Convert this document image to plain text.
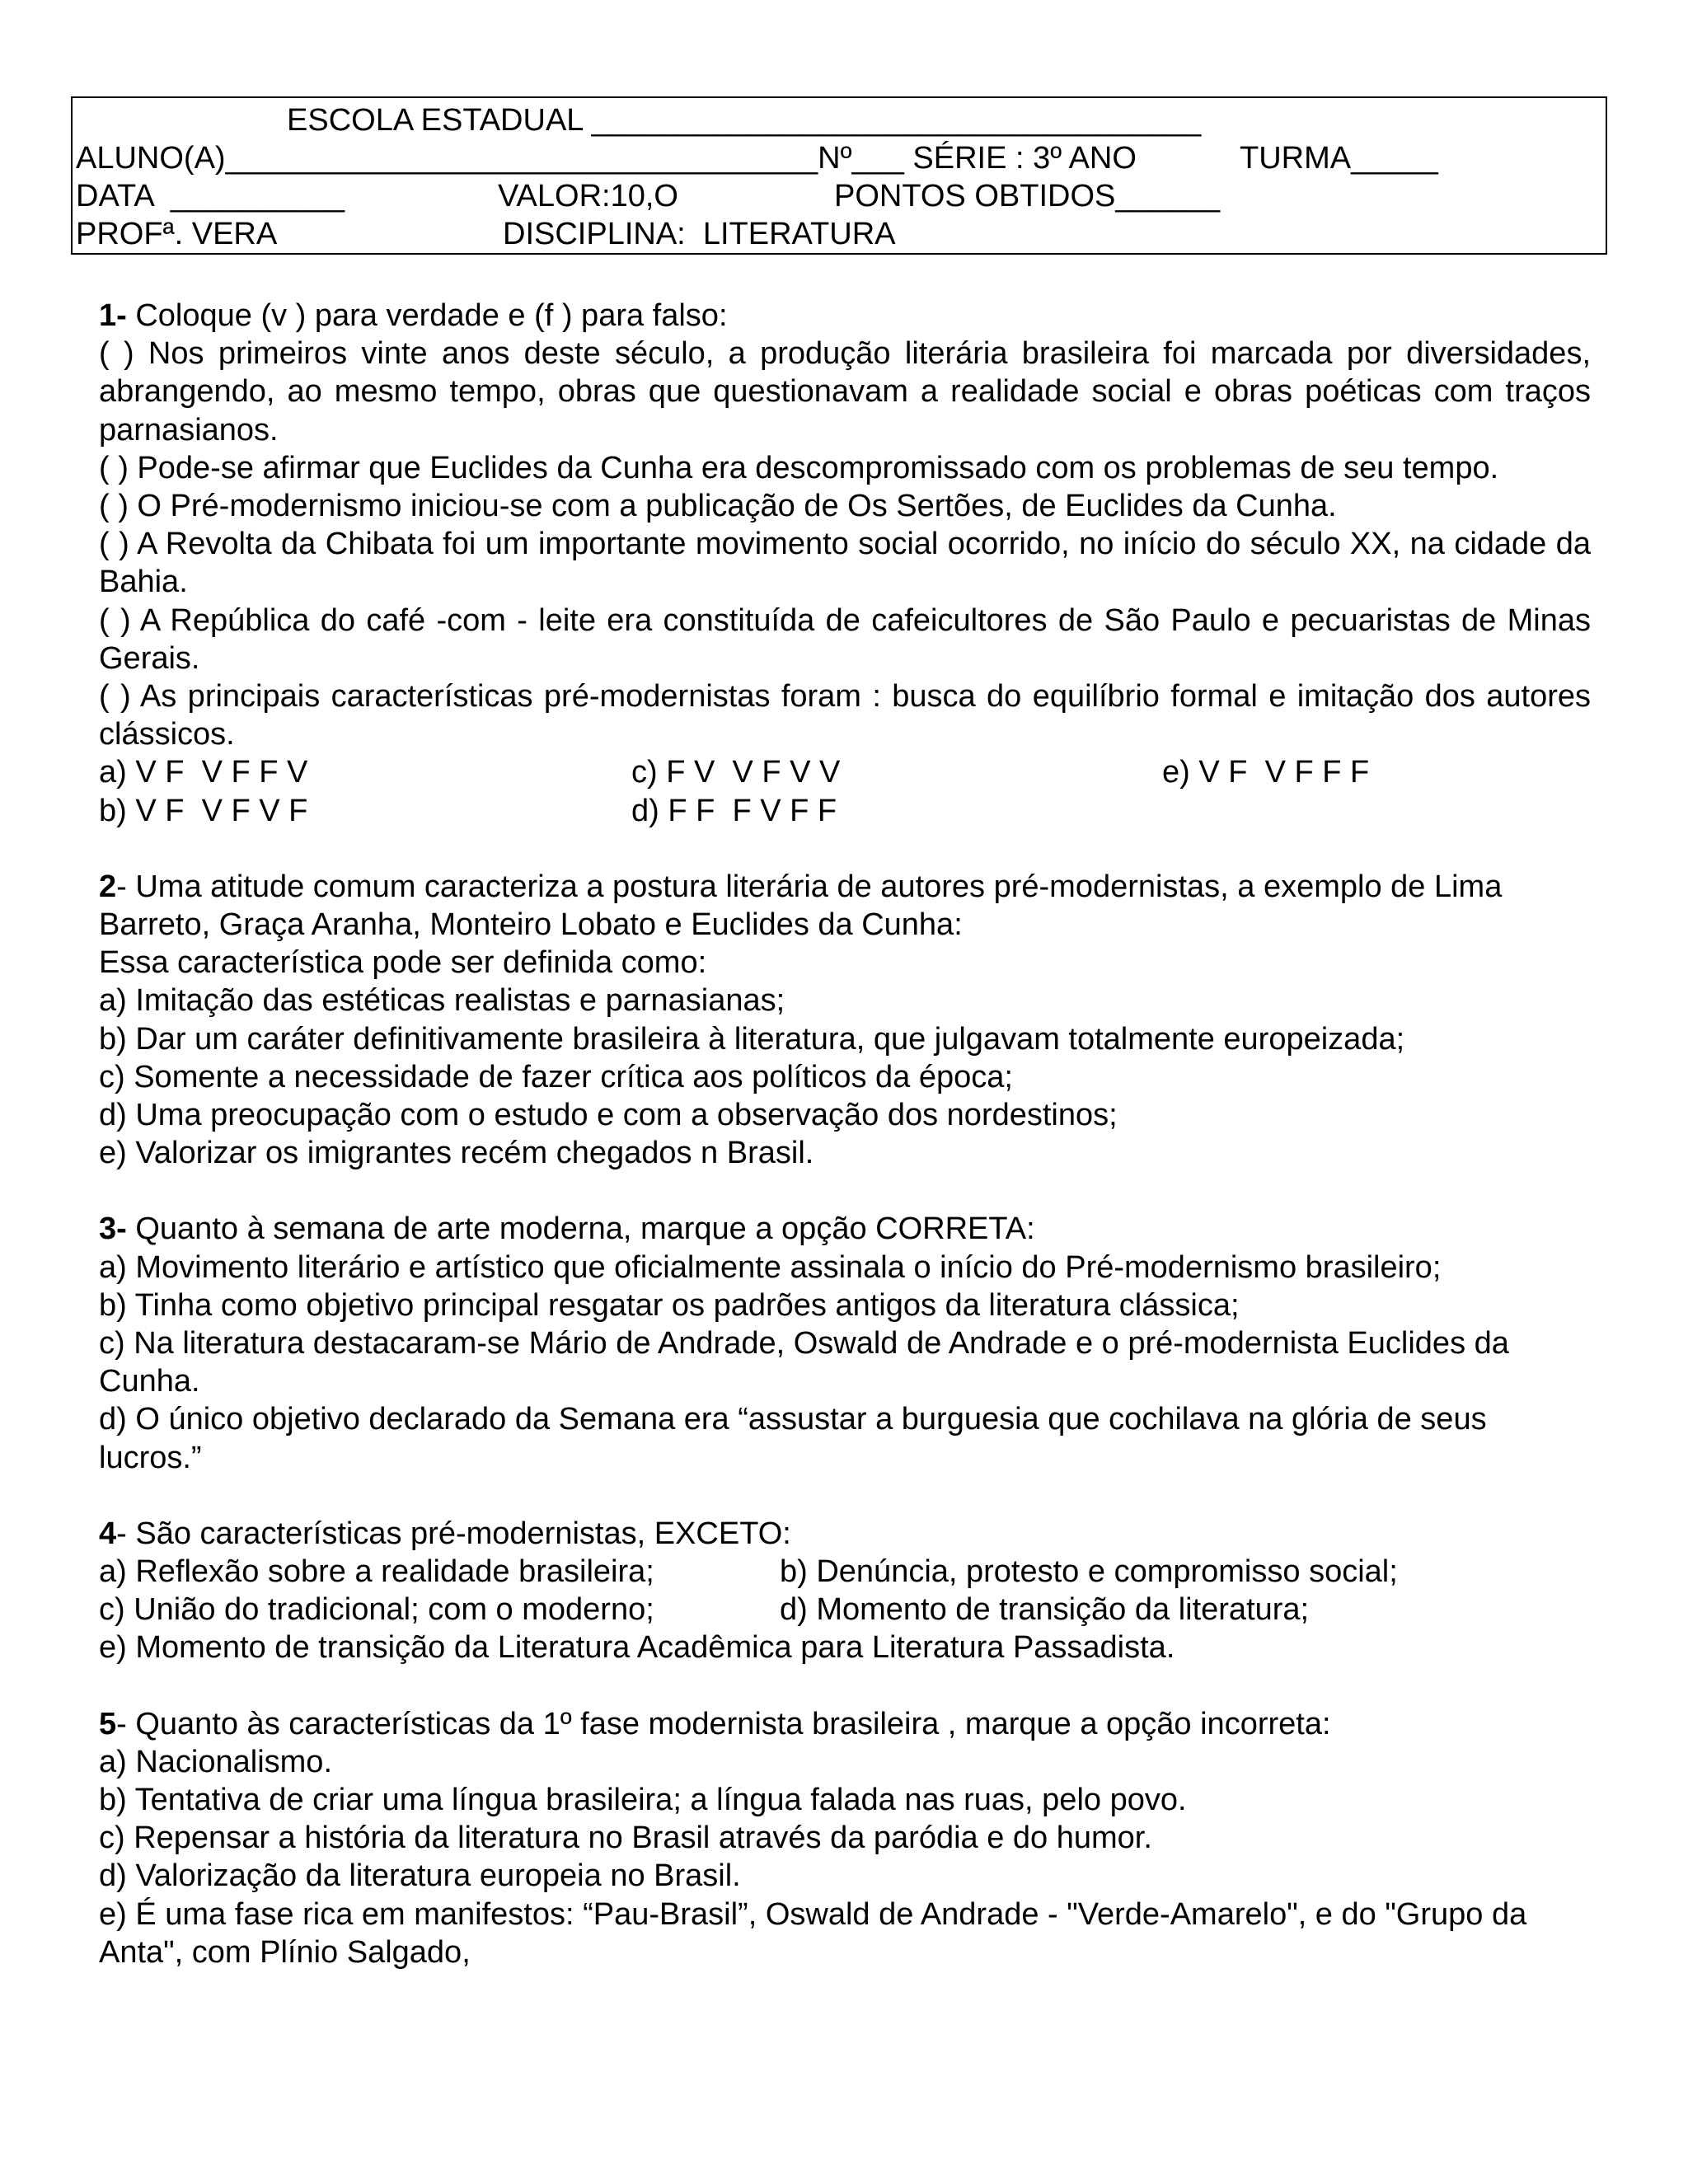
ESCOLA ESTADUAL ___________________________________

ALUNO(A)__________________________________Nº___ SÉRIE : 3º ANO

	TURMA_____

DATA  __________

	VALOR:10,O

	PONTOS OBTIDOS______

PROFª. VERA

	DISCIPLINA:  LITERATURA

1- Coloque (v ) para verdade e (f ) para falso:

( ) Nos primeiros vinte anos deste século, a produção literária brasileira foi marcada por diversidades, abrangendo, ao mesmo tempo, obras que questionavam a realidade social e obras poéticas com traços parnasianos.

( ) Pode-se afirmar que Euclides da Cunha era descompromissado com os problemas de seu tempo.

( ) O Pré-modernismo iniciou-se com a publicação de Os Sertões, de Euclides da Cunha.

( ) A Revolta da Chibata foi um importante movimento social ocorrido, no início do século XX, na cidade da Bahia.

( ) A República do café -com - leite era constituída de cafeicultores de São Paulo e pecuaristas de Minas Gerais.

( ) As principais características pré-modernistas foram : busca do equilíbrio formal e imitação dos autores clássicos.

a) V F  V F F V	c) F V  V F V V	e) V F  V F F F
b) V F  V F V F	d) F F  F V F F

2- Uma atitude comum caracteriza a postura literária de autores pré-modernistas, a exemplo de Lima Barreto, Graça Aranha, Monteiro Lobato e Euclides da Cunha:

Essa característica pode ser definida como:

a) Imitação das estéticas realistas e parnasianas;

b) Dar um caráter definitivamente brasileira à literatura, que julgavam totalmente europeizada;

c) Somente a necessidade de fazer crítica aos políticos da época;

d) Uma preocupação com o estudo e com a observação dos nordestinos;

e) Valorizar os imigrantes recém chegados n Brasil.

3- Quanto à semana de arte moderna, marque a opção CORRETA:

a) Movimento literário e artístico que oficialmente assinala o início do Pré-modernismo brasileiro;

b) Tinha como objetivo principal resgatar os padrões antigos da literatura clássica;

c) Na literatura destacaram-se Mário de Andrade, Oswald de Andrade e o pré-modernista Euclides da Cunha.

d) O único objetivo declarado da Semana era “assustar a burguesia que cochilava na glória de seus lucros.”

4- São características pré-modernistas, EXCETO:

a) Reflexão sobre a realidade brasileira;	b) Denúncia, protesto e compromisso social;
c) União do tradicional; com o moderno;	d) Momento de transição da literatura;

e) Momento de transição da Literatura Acadêmica para Literatura Passadista.

5- Quanto às características da 1º fase modernista brasileira , marque a opção incorreta:

a) Nacionalismo.

b) Tentativa de criar uma língua brasileira; a língua falada nas ruas, pelo povo.

c) Repensar a história da literatura no Brasil através da paródia e do humor.

d) Valorização da literatura europeia no Brasil.

e) É uma fase rica em manifestos: “Pau-Brasil”, Oswald de Andrade - "Verde-Amarelo", e do "Grupo da Anta", com Plínio Salgado,
